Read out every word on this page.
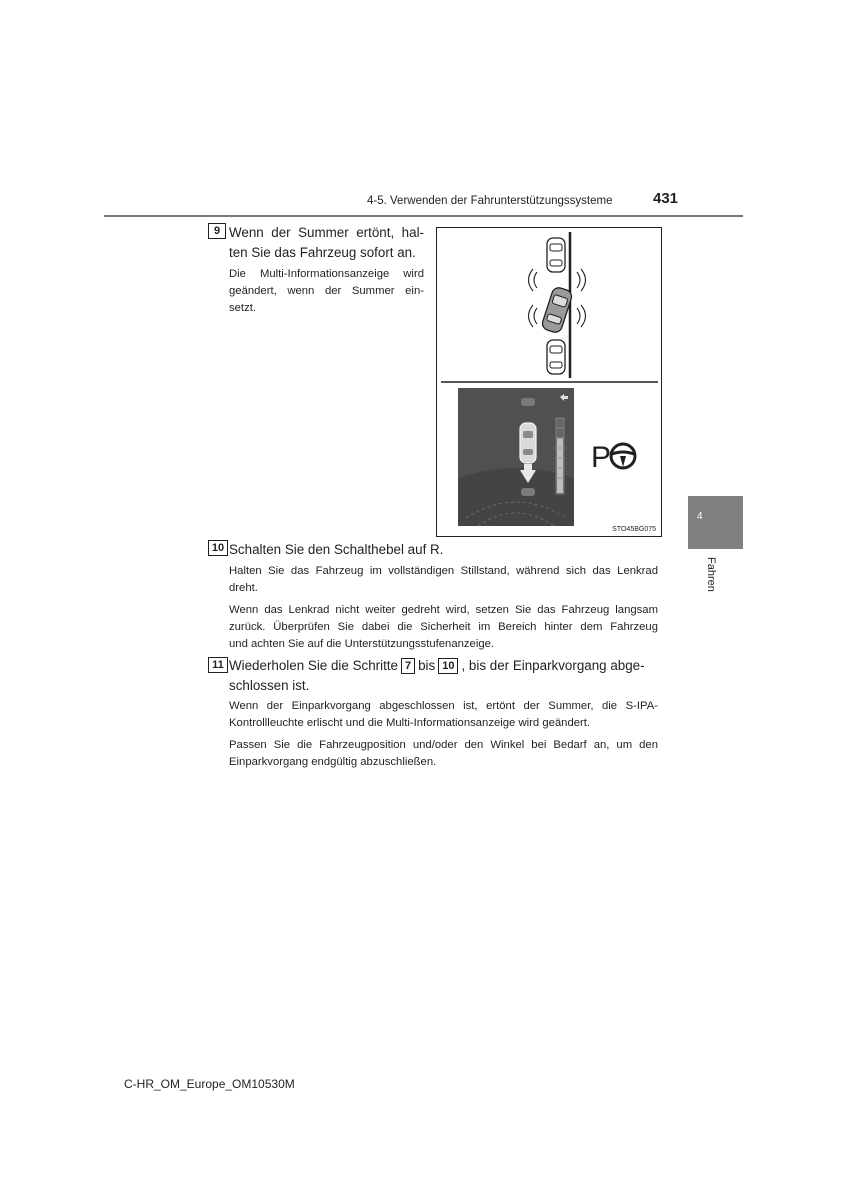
4-5. Verwenden der Fahrunterstützungssysteme	431
4
Fahren
9 Wenn der Summer ertönt, hal-
ten Sie das Fahrzeug sofort an.
Die Multi-Informationsanzeige wird
geändert, wenn der Summer ein-
setzt.
P
STO45BG075
10 Schalten Sie den Schalthebel auf R.
Halten Sie das Fahrzeug im vollständigen Stillstand, während sich das Lenkrad
dreht.
Wenn das Lenkrad nicht weiter gedreht wird, setzen Sie das Fahrzeug langsam
zurück. Überprüfen Sie dabei die Sicherheit im Bereich hinter dem Fahrzeug
und achten Sie auf die Unterstützungsstufenanzeige.
11 Wiederholen Sie die Schritte 7 bis 10 , bis der Einparkvorgang abge-
schlossen ist.
Wenn der Einparkvorgang abgeschlossen ist, ertönt der Summer, die S-IPA-
Kontrollleuchte erlischt und die Multi-Informationsanzeige wird geändert.
Passen Sie die Fahrzeugposition und/oder den Winkel bei Bedarf an, um den
Einparkvorgang endgültig abzuschließen.
C-HR_OM_Europe_OM10530M
